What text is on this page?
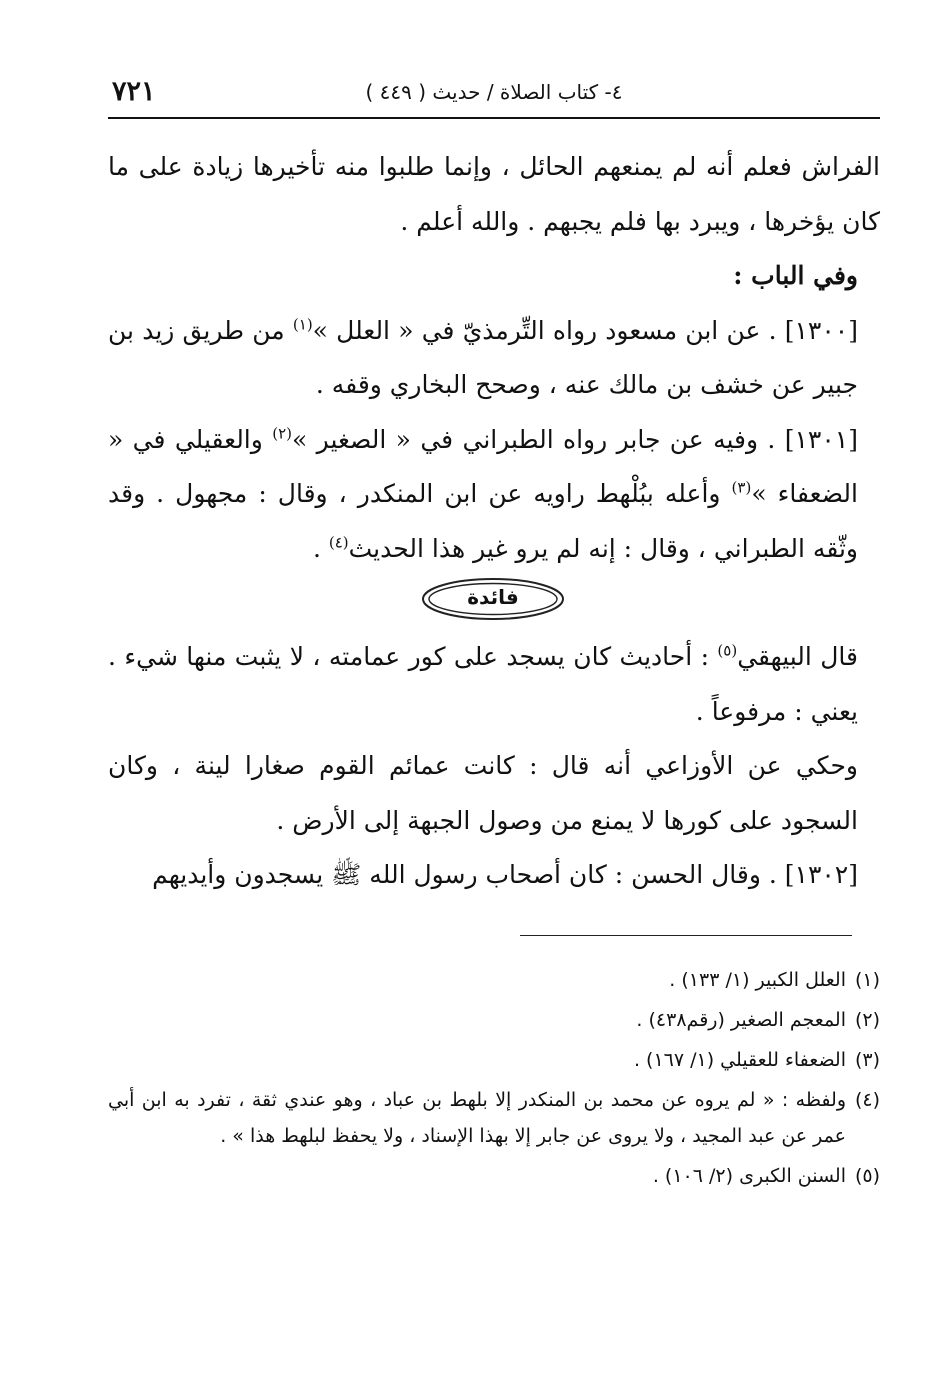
٧٢١	٤- كتاب الصلاة / حديث ( ٤٤٩ )

الفراش فعلم أنه لم يمنعهم الحائل ، وإنما طلبوا منه تأخيرها زيادة على ما كان يؤخرها ، ويبرد بها فلم يجبهم . والله أعلم .

وفي الباب :

[١٣٠٠] . عن ابن مسعود رواه التِّرمذيّ في « العلل »$^{(١)}$ من طريق زيد بن جبير عن خشف بن مالك عنه ، وصحح البخاري وقفه .

[١٣٠١] . وفيه عن جابر رواه الطبراني في « الصغير »$^{(٢)}$ والعقيلي في « الضعفاء »$^{(٣)}$ وأعله ببُلْهط راويه عن ابن المنكدر ، وقال : مجهول . وقد وثّقه الطبراني ، وقال : إنه لم يرو غير هذا الحديث$^{(٤)}$ .

فائدة

قال البيهقي$^{(٥)}$ : أحاديث كان يسجد على كور عمامته ، لا يثبت منها شيء . يعني : مرفوعاً .

وحكي عن الأوزاعي أنه قال : كانت عمائم القوم صغارا لينة ، وكان السجود على كورها لا يمنع من وصول الجبهة إلى الأرض .

[١٣٠٢] . وقال الحسن : كان أصحاب رسول الله ﷺ يسجدون وأيديهم

(١)
العلل الكبير (١/ ١٣٣) .
(٢)
المعجم الصغير (رقم٤٣٨) .
(٣)
الضعفاء للعقيلي (١/ ١٦٧) .
(٤)
ولفظه : « لم يروه عن محمد بن المنكدر إلا بلهط بن عباد ، وهو عندي ثقة ، تفرد به ابن أبي عمر عن عبد المجيد ، ولا يروى عن جابر إلا بهذا الإسناد ، ولا يحفظ لبلهط هذا » .
(٥)
السنن الكبرى (٢/ ١٠٦) .
